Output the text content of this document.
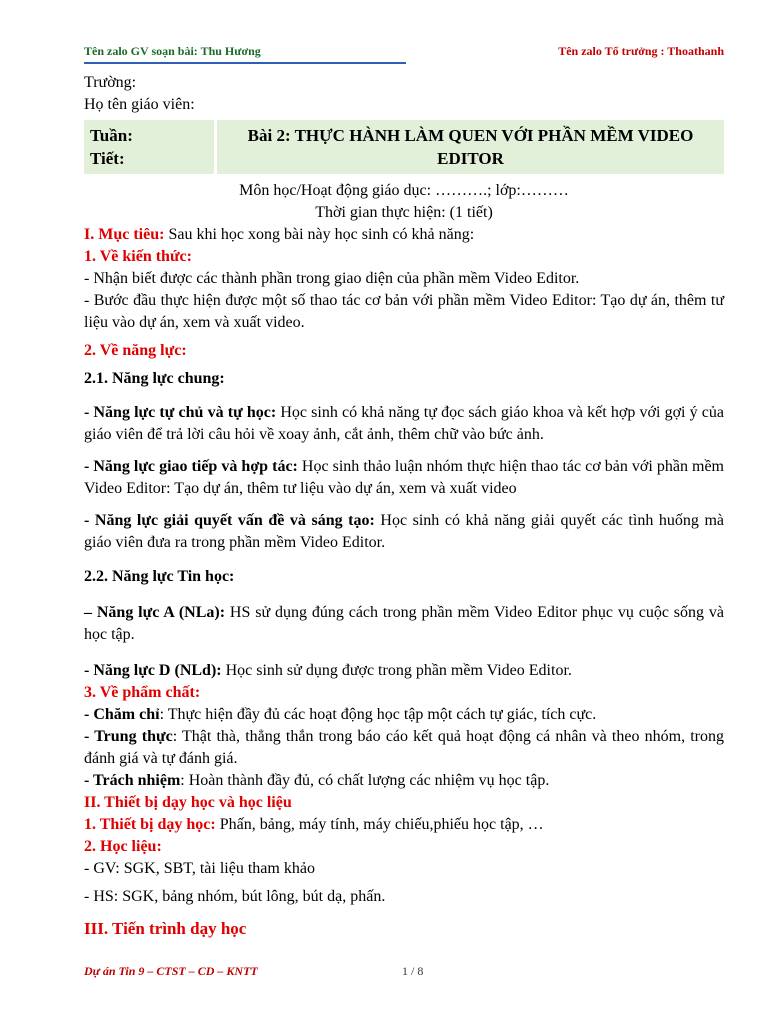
Tên zalo GV soạn bài: Thu Hương	Tên zalo Tổ trưởng : Thoathanh
Trường:
Họ tên giáo viên:
Tuần:
Tiết:
	Bài 2: THỰC HÀNH LÀM QUEN VỚI PHẦN MỀM VIDEO EDITOR
Môn học/Hoạt động giáo dục: ……….; lớp:………
Thời gian thực hiện: (1 tiết)
I. Mục tiêu: Sau khi học xong bài này học sinh có khả năng:
1. Về kiến thức:
- Nhận biết được các thành phần trong giao diện của phần mềm Video Editor.
- Bước đầu thực hiện được một số thao tác cơ bản với phần mềm Video Editor: Tạo dự án, thêm tư liệu vào dự án, xem và xuất video.
2. Về năng lực:
2.1. Năng lực chung:
- Năng lực tự chủ và tự học: Học sinh có khả năng tự đọc sách giáo khoa và kết hợp với gợi ý của giáo viên để trả lời câu hỏi về xoay ảnh, cắt ảnh, thêm chữ vào bức ảnh.
- Năng lực giao tiếp và hợp tác: Học sinh thảo luận nhóm thực hiện thao tác cơ bản với phần mềm Video Editor: Tạo dự án, thêm tư liệu vào dự án, xem và xuất video
- Năng lực giải quyết vấn đề và sáng tạo: Học sinh có khả năng giải quyết các tình huống mà giáo viên đưa ra trong phần mềm Video Editor.
2.2. Năng lực Tin học:
– Năng lực A (NLa): HS sử dụng đúng cách trong phần mềm Video Editor phục vụ cuộc sống và học tập.
- Năng lực D (NLd): Học sinh sử dụng được trong phần mềm Video Editor.
3. Về phẩm chất:
- Chăm chỉ: Thực hiện đầy đủ các hoạt động học tập một cách tự giác, tích cực.
- Trung thực: Thật thà, thẳng thắn trong báo cáo kết quả hoạt động cá nhân và theo nhóm, trong đánh giá và tự đánh giá.
- Trách nhiệm: Hoàn thành đầy đủ, có chất lượng các nhiệm vụ học tập.
II. Thiết bị dạy học và học liệu
1. Thiết bị dạy học: Phấn, bảng, máy tính, máy chiếu,phiếu học tập, …
2. Học liệu:
- GV: SGK, SBT, tài liệu tham khảo
- HS: SGK, bảng nhóm, bút lông, bút dạ, phấn.
III. Tiến trình dạy học
Dự án Tin 9 – CTST – CD – KNTT	1 / 8
